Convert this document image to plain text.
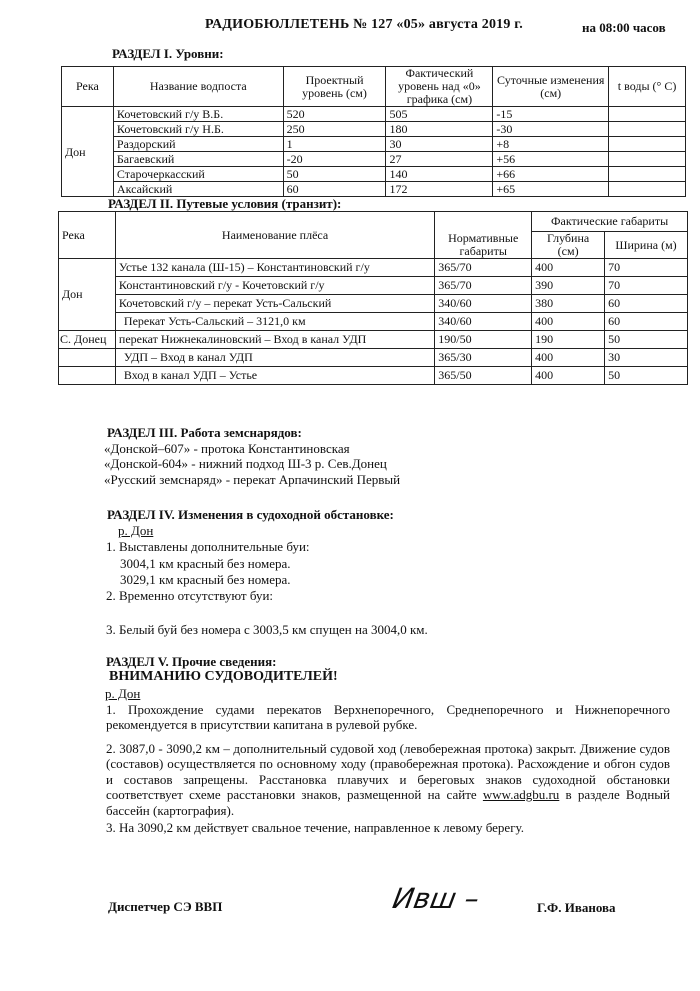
РАДИОБЮЛЛЕТЕНЬ № 127 «05» августа 2019 г.	на 08:00 часов
РАЗДЕЛ I. Уровни:
Река	Название водпоста	Проектный уровень (см)	Фактический уровень над «0» графика (см)	Суточные изменения (см)	t воды (° C)
Дон	Кочетовский г/у В.Б.	520	505	-15	
	Кочетовский г/у Н.Б.	250	180	-30	
	Раздорский	1	30	+8	
	Багаевский	-20	27	+56	
	Старочеркасский	50	140	+66	
	Аксайский	60	172	+65	
РАЗДЕЛ II. Путевые условия (транзит):
Река	Наименование плёса	Нормативные габариты	Фактические габариты	
			Глубина (см)	Ширина (м)
Дон	Устье 132 канала (Ш-15) – Константиновский г/у	365/70	400	70
	Константиновский г/у - Кочетовский г/у	365/70	390	70
	Кочетовский г/у – перекат Усть-Сальский	340/60	380	60
	Перекат Усть-Сальский – 3121,0 км	340/60	400	60
С. Донец	перекат Нижнекалиновский – Вход в канал УДП	190/50	190	50
	УДП – Вход в канал УДП	365/30	400	30
	Вход в канал УДП – Устье	365/50	400	50
РАЗДЕЛ III. Работа земснарядов:
«Донской–607» - протока Константиновская
«Донской-604» - нижний подход Ш-3 р. Сев.Донец
«Русский земснаряд» - перекат Арпачинский Первый
РАЗДЕЛ IV. Изменения в судоходной обстановке:
р. Дон
1. Выставлены дополнительные буи:
3004,1 км красный без номера.
3029,1 км красный без номера.
2. Временно отсутствуют буи:
3. Белый буй без номера с 3003,5 км спущен на 3004,0 км.
РАЗДЕЛ V. Прочие сведения:
ВНИМАНИЮ СУДОВОДИТЕЛЕЙ!
р. Дон
1. Прохождение судами перекатов Верхнепоречного, Среднепоречного и Нижнепоречного рекомендуется в присутствии капитана в рулевой рубке.
2. 3087,0 - 3090,2 км – дополнительный судовой ход (левобережная протока) закрыт. Движение судов (составов) осуществляется по основному ходу (правобережная протока). Расхождение и обгон судов и составов запрещены. Расстановка плавучих и береговых знаков судоходной обстановки соответствует схеме расстановки знаков, размещенной на сайте www.adgbu.ru в разделе Водный бассейн (картография).
3. На 3090,2 км действует свальное течение, направленное к левому берегу.
Диспетчер СЭ ВВП	Ивш –	Г.Ф. Иванова
